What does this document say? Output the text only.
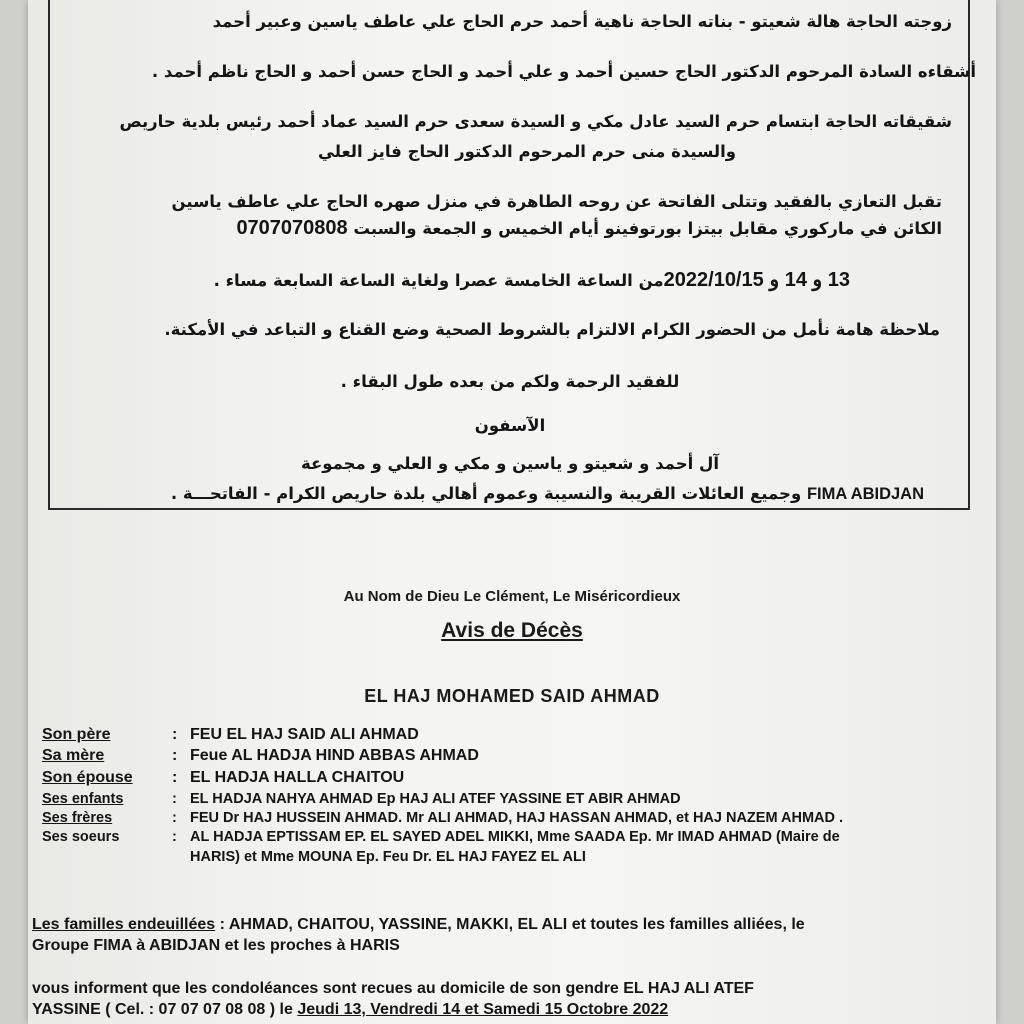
زوجته الحاجة هالة شعيتو - بناته الحاجة ناهية أحمد حرم الحاج علي عاطف ياسين وعبير أحمد
أشقاءه السادة المرحوم الدكتور الحاج حسين أحمد و علي أحمد و الحاج حسن أحمد و الحاج ناظم أحمد .
شقيقاته الحاجة ابتسام حرم السيد عادل مكي و السيدة سعدى حرم السيد عماد أحمد رئيس بلدية حاريص
والسيدة منى حرم المرحوم الدكتور الحاج فايز العلي
تقبل التعازي بالفقيد وتتلى الفاتحة عن روحه الطاهرة في منزل صهره الحاج علي عاطف ياسين
الكائن في ماركوري مقابل بيتزا بورتوفينو أيام الخميس و الجمعة والسبت 0707070808
13 و 14 و 2022/10/15من الساعة الخامسة عصرا ولغاية الساعة السابعة مساء .
ملاحظة هامة نأمل من الحضور الكرام الالتزام بالشروط الصحية وضع القناع و التباعد في الأمكنة.
للفقيد الرحمة ولكم من بعده طول البقاء .
الآسفون
آل أحمد و شعيتو و ياسين و مكي و العلي و مجموعة
FIMA ABIDJAN وجميع العائلات القريبة والنسيبة وعموم أهالي بلدة حاريص الكرام - الفاتحـــة .
Au Nom de Dieu Le Clément, Le Miséricordieux
Avis de Décès
EL HAJ MOHAMED SAID AHMAD
Son père	: FEU EL HAJ SAID ALI AHMAD
Sa mère	: Feue AL HADJA HIND ABBAS AHMAD
Son épouse : EL HADJA HALLA CHAITOU
Ses enfants	: EL HADJA NAHYA AHMAD Ep HAJ ALI ATEF YASSINE ET ABIR AHMAD
Ses frères	: FEU Dr HAJ HUSSEIN AHMAD. Mr ALI AHMAD, HAJ HASSAN AHMAD, et HAJ NAZEM AHMAD .
Ses soeurs	: AL HADJA EPTISSAM EP. EL SAYED ADEL MIKKI, Mme SAADA Ep. Mr IMAD AHMAD (Maire de
HARIS) et Mme MOUNA Ep. Feu Dr. EL HAJ FAYEZ EL ALI
Les familles endeuillées : AHMAD, CHAITOU, YASSINE, MAKKI, EL ALI et toutes les familles alliées, le
Groupe FIMA à ABIDJAN et les proches à HARIS
vous informent que les condoléances sont recues au domicile de son gendre EL HAJ ALI ATEF
YASSINE ( Cel. : 07 07 07 08 08 ) le Jeudi 13, Vendredi 14 et Samedi 15 Octobre 2022
